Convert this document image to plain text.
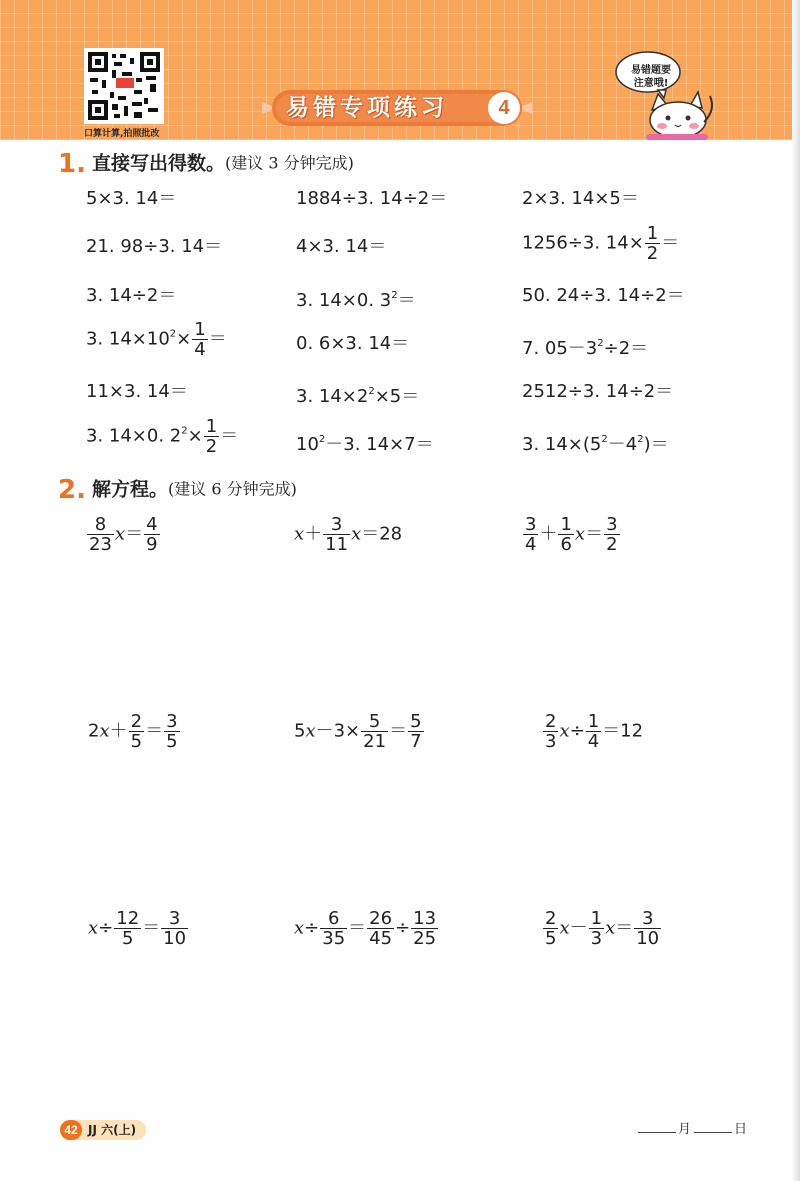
口算计算,拍照批改
易错专项练习	4
易错题要
注意哦!
1. 直接写出得数。(建议 3 分钟完成)
5×3. 14＝	1884÷3. 14÷2＝	2×3. 14×5＝
21. 98÷3. 14＝	4×3. 14＝	1256÷3. $14\times \frac{1}{2}$ ＝
3. 14÷2＝	3. 14×0. $3^2=$	50. 24÷3. 14÷2＝
3. $14\times 10^2\times \frac{1}{4}$ ＝	0. 6×3. 14＝	7. $05-3^2\div 2=$
11×3. 14＝	3. $14\times 2^2\times 5=$	2512÷3. 14÷2＝
3. 14×0. $2^2\times \frac{1}{2}$ ＝	$10^2-3$. 14×7＝	3. $14\times(5^2-4^2)=$
2. 解方程。(建议 6 分钟完成)
$\frac{8}{23} x= \frac{4}{9}$	$x+ \frac{3}{11} x=28$	$\frac{3}{4} + \frac{1}{6} x= \frac{3}{2}$
$2x+ \frac{2}{5} = \frac{3}{5}$	$5x-3\times \frac{5}{21} = \frac{5}{7}$	$\frac{2}{3} x\div \frac{1}{4} =12$
$x\div \frac{12}{5} = \frac{3}{10}$	$x\div \frac{6}{35} = \frac{26}{45} \div \frac{13}{25}$	$\frac{2}{5} x- \frac{1}{3} x= \frac{3}{10}$
42 JJ 六(上)	月	日
